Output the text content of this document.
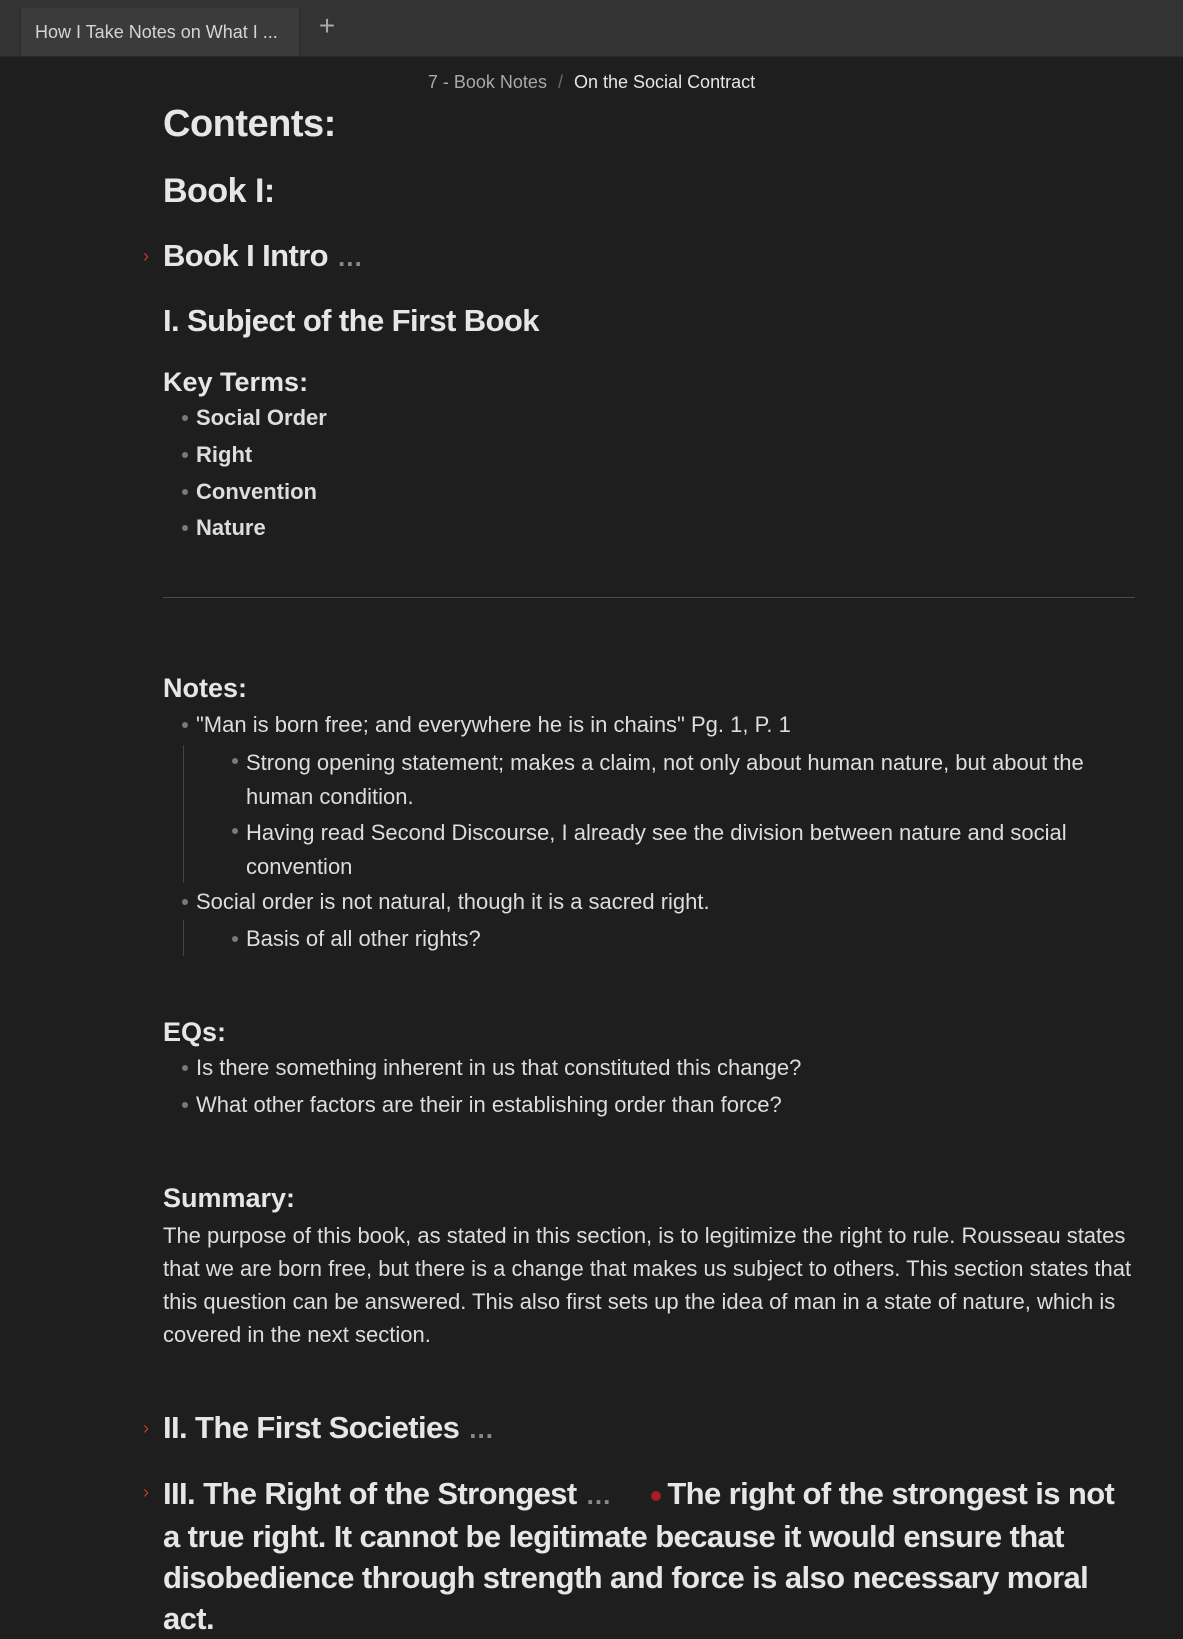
How I Take Notes on What I ... +
7 - Book Notes / On the Social Contract
Contents:
Book I:
› Book I Intro ...
I. Subject of the First Book
Key Terms:
Social Order
Right
Convention
Nature
Notes:
"Man is born free; and everywhere he is in chains" Pg. 1, P. 1
Strong opening statement; makes a claim, not only about human nature, but about the human condition.
Having read Second Discourse, I already see the division between nature and social convention
Social order is not natural, though it is a sacred right.
Basis of all other rights?
EQs:
Is there something inherent in us that constituted this change?
What other factors are their in establishing order than force?
Summary:
The purpose of this book, as stated in this section, is to legitimize the right to rule. Rousseau states that we are born free, but there is a change that makes us subject to others. This section states that this question can be answered. This also first sets up the idea of man in a state of nature, which is covered in the next section.
› II. The First Societies ...
› III. The Right of the Strongest ... The right of the strongest is not a true right. It cannot be legitimate because it would ensure that disobedience through strength and force is also necessary moral act.
